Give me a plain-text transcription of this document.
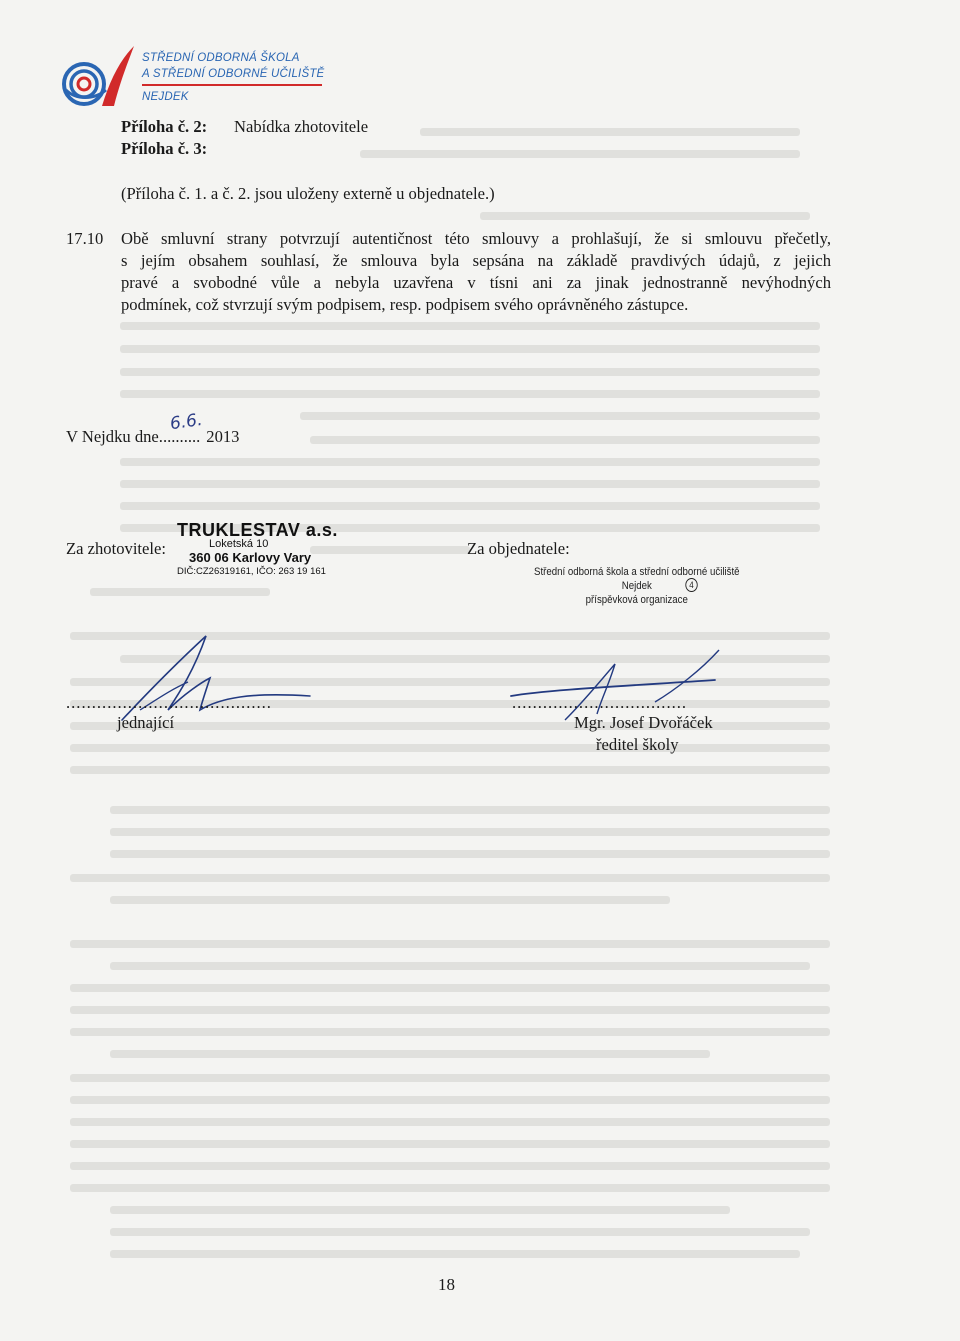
STŘEDNÍ ODBORNÁ ŠKOLA
A STŘEDNÍ ODBORNÉ UČILIŠTĚ
NEJDEK
Příloha č. 2: Nabídka zhotovitele
Příloha č. 3:
(Příloha č. 1. a č. 2. jsou uloženy externě u objednatele.)
17.10 Obě smluvní strany potvrzují autentičnost této smlouvy a prohlašují, že si smlouvu přečetly,
s jejím obsahem souhlasí, že smlouva byla sepsána na základě pravdivých údajů, z jejich
pravé a svobodné vůle a nebyla uzavřena v tísni ani za jinak jednostranně nevýhodných
podmínek, což stvrzují svým podpisem, resp. podpisem svého oprávněného zástupce.
V Nejdku dne.......... 2013
6.6.
Za zhotovitele:	Za objednatele:
TRUKLESTAV a.s.
Loketská 10
360 06 Karlovy Vary
DIČ:CZ26319161, IČO: 263 19 161	Střední odborná škola a střední odborné učiliště
Nejdek	4
příspěvková organizace
........................................	..................................
jednající	Mgr. Josef Dvořáček
ředitel školy
18
